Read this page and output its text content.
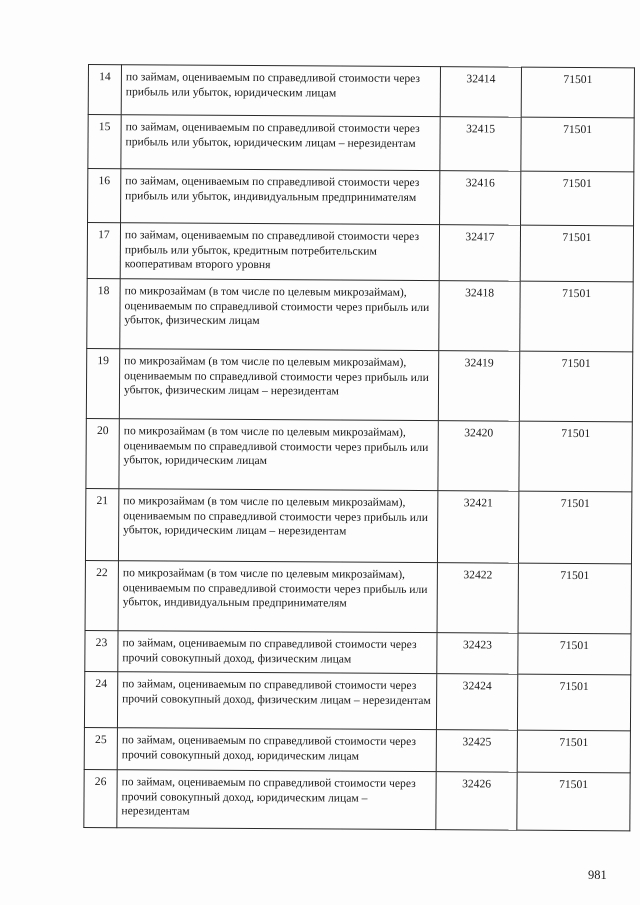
14	по займам, оцениваемым по справедливой стоимости через прибыль или убыток, юридическим лицам	32414	71501
15	по займам, оцениваемым по справедливой стоимости через прибыль или убыток, юридическим лицам – нерезидентам	32415	71501
16	по займам, оцениваемым по справедливой стоимости через прибыль или убыток, индивидуальным предпринимателям	32416	71501
17	по займам, оцениваемым по справедливой стоимости через прибыль или убыток, кредитным потребительским кооперативам второго уровня	32417	71501
18	по микрозаймам (в том числе по целевым микрозаймам), оцениваемым по справедливой стоимости через прибыль или убыток, физическим лицам	32418	71501
19	по микрозаймам (в том числе по целевым микрозаймам), оцениваемым по справедливой стоимости через прибыль или убыток, физическим лицам – нерезидентам	32419	71501
20	по микрозаймам (в том числе по целевым микрозаймам), оцениваемым по справедливой стоимости через прибыль или убыток, юридическим лицам	32420	71501
21	по микрозаймам (в том числе по целевым микрозаймам), оцениваемым по справедливой стоимости через прибыль или убыток, юридическим лицам – нерезидентам	32421	71501
22	по микрозаймам (в том числе по целевым микрозаймам), оцениваемым по справедливой стоимости через прибыль или убыток, индивидуальным предпринимателям	32422	71501
23	по займам, оцениваемым по справедливой стоимости через прочий совокупный доход, физическим лицам	32423	71501
24	по займам, оцениваемым по справедливой стоимости через прочий совокупный доход, физическим лицам – нерезидентам	32424	71501
25	по займам, оцениваемым по справедливой стоимости через прочий совокупный доход, юридическим лицам	32425	71501
26	по займам, оцениваемым по справедливой стоимости через прочий совокупный доход, юридическим лицам – нерезидентам	32426	71501
981
